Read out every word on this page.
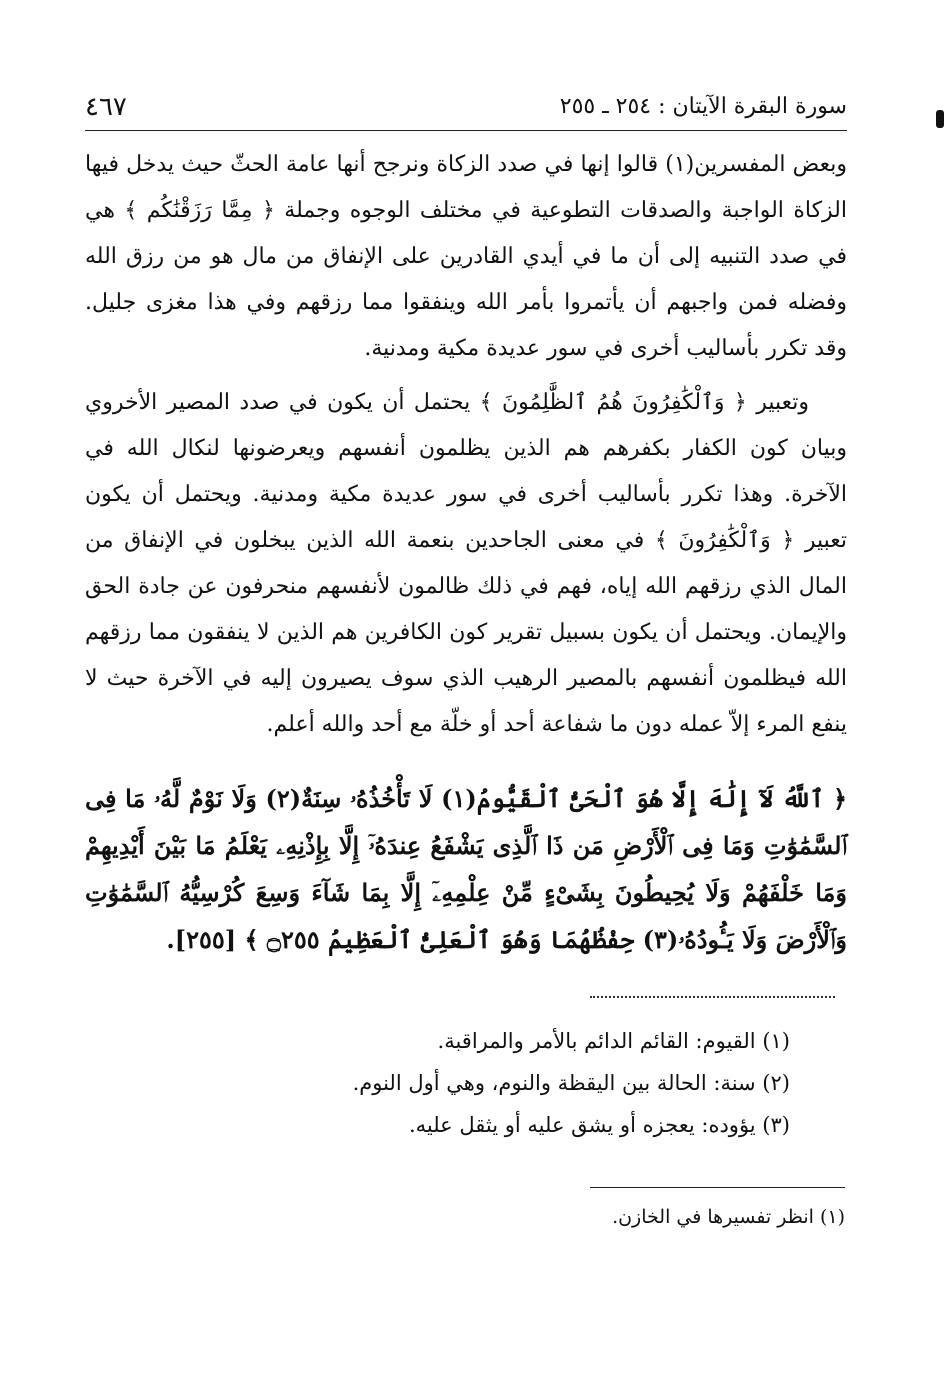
٤٦٧	سورة البقرة الآيتان : ٢٥٤ ـ ٢٥٥

وبعض المفسرين(١) قالوا إنها في صدد الزكاة ونرجح أنها عامة الحثّ حيث يدخل فيها الزكاة الواجبة والصدقات التطوعية في مختلف الوجوه وجملة ﴿ مِمَّا رَزَقْنَٰكُم ﴾ هي في صدد التنبيه إلى أن ما في أيدي القادرين على الإنفاق من مال هو من رزق الله وفضله فمن واجبهم أن يأتمروا بأمر الله وينفقوا مما رزقهم وفي هذا مغزى جليل. وقد تكرر بأساليب أخرى في سور عديدة مكية ومدنية.

وتعبير ﴿ وَٱلْكَٰفِرُونَ هُمُ ٱلظَّٰلِمُونَ ﴾ يحتمل أن يكون في صدد المصير الأخروي وبيان كون الكفار بكفرهم هم الذين يظلمون أنفسهم ويعرضونها لنكال الله في الآخرة. وهذا تكرر بأساليب أخرى في سور عديدة مكية ومدنية. ويحتمل أن يكون تعبير ﴿ وَٱلْكَٰفِرُونَ ﴾ في معنى الجاحدين بنعمة الله الذين يبخلون في الإنفاق من المال الذي رزقهم الله إياه، فهم في ذلك ظالمون لأنفسهم منحرفون عن جادة الحق والإيمان. ويحتمل أن يكون بسبيل تقرير كون الكافرين هم الذين لا ينفقون مما رزقهم الله فيظلمون أنفسهم بالمصير الرهيب الذي سوف يصيرون إليه في الآخرة حيث لا ينفع المرء إلاّ عمله دون ما شفاعة أحد أو خلّة مع أحد والله أعلم.

﴿ ٱللَّهُ لَآ إِلَٰهَ إِلَّا هُوَ ٱلْحَىُّ ٱلْقَيُّومُ(١) لَا تَأْخُذُهُۥ سِنَةٌ(٢) وَلَا نَوْمٌ لَّهُۥ مَا فِى ٱلسَّمَٰوَٰتِ وَمَا فِى ٱلْأَرْضِ مَن ذَا ٱلَّذِى يَشْفَعُ عِندَهُۥٓ إِلَّا بِإِذْنِهِۦ يَعْلَمُ مَا بَيْنَ أَيْدِيهِمْ وَمَا خَلْفَهُمْ وَلَا يُحِيطُونَ بِشَىْءٍ مِّنْ عِلْمِهِۦٓ إِلَّا بِمَا شَآءَ وَسِعَ كُرْسِيُّهُ ٱلسَّمَٰوَٰتِ وَٱلْأَرْضَ وَلَا يَـُٔودُهُۥ(٣) حِفْظُهُمَا وَهُوَ ٱلْعَلِىُّ ٱلْعَظِيمُ ۝٢٥٥ ﴾ [٢٥٥].
(١) القيوم: القائم الدائم بالأمر والمراقبة.
(٢) سنة: الحالة بين اليقظة والنوم، وهي أول النوم.
(٣) يؤوده: يعجزه أو يشق عليه أو يثقل عليه.
(١) انظر تفسيرها في الخازن.
